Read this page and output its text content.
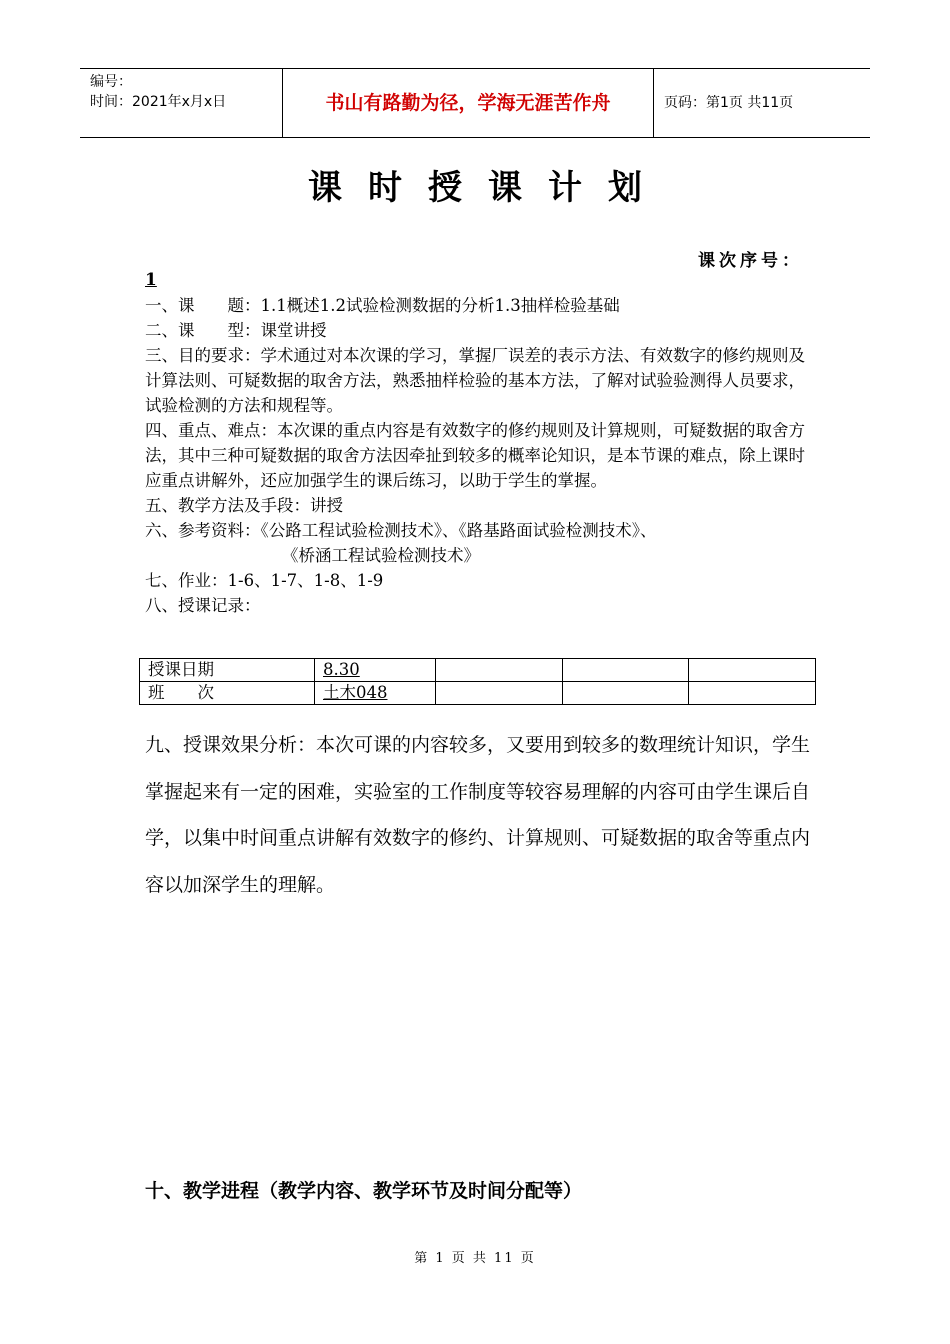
编号：
时间：2021年x月x日	书山有路勤为径，学海无涯苦作舟	页码：第1页 共11页
课时授课计划
课次序号：
1

一、课　　题：1.1概述1.2试验检测数据的分析1.3抽样检验基础

二、课　　型：课堂讲授

三、目的要求：学术通过对本次课的学习，掌握厂误差的表示方法、有效数字的修约规则及计算法则、可疑数据的取舍方法，熟悉抽样检验的基本方法，了解对试验验测得人员要求，试验检测的方法和规程等。

四、重点、难点：本次课的重点内容是有效数字的修约规则及计算规则，可疑数据的取舍方法，其中三种可疑数据的取舍方法因牵扯到较多的概率论知识，是本节课的难点，除上课时应重点讲解外，还应加强学生的课后练习，以助于学生的掌握。

五、教学方法及手段：讲授

六、参考资料：《公路工程试验检测技术》、《路基路面试验检测技术》、

《桥涵工程试验检测技术》

七、作业：1-6、1-7、1-8、1-9

八、授课记录：

授课日期	8.30			
班　　次	土木048			
九、授课效果分析：本次可课的内容较多，又要用到较多的数理统计知识，学生掌握起来有一定的困难，实验室的工作制度等较容易理解的内容可由学生课后自学，以集中时间重点讲解有效数字的修约、计算规则、可疑数据的取舍等重点内容以加深学生的理解。
十、教学进程（教学内容、教学环节及时间分配等）
第 1 页 共 11 页
